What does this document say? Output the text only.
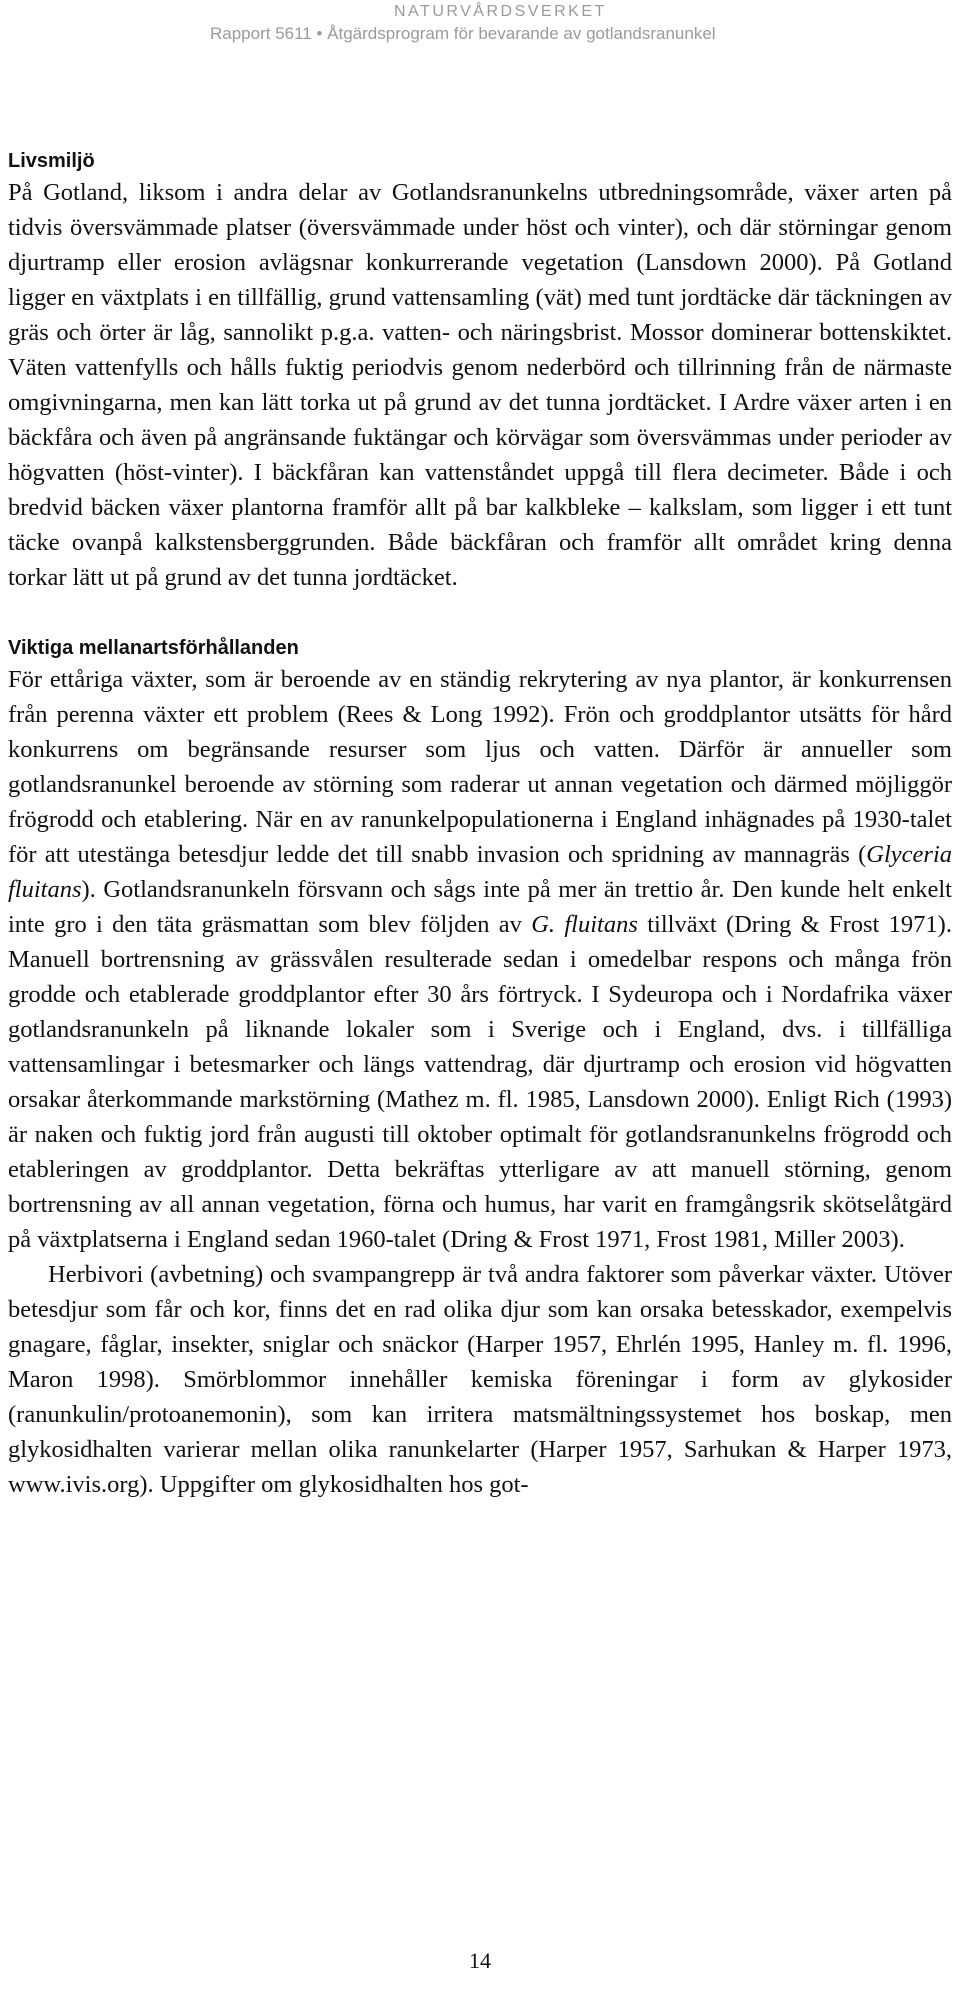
NATURVÅRDSVERKET
Rapport 5611 • Åtgärdsprogram för bevarande av gotlandsranunkel
Livsmiljö

På Gotland, liksom i andra delar av Gotlandsranunkelns utbredningsområde, växer arten på tidvis översvämmade platser (översvämmade under höst och vinter), och där störningar genom djurtramp eller erosion avlägsnar konkurrerande vegetation (Lansdown 2000). På Gotland ligger en växtplats i en tillfällig, grund vattensamling (vät) med tunt jordtäcke där täckningen av gräs och örter är låg, sannolikt p.g.a. vatten- och näringsbrist. Mossor dominerar bottenskiktet. Väten vattenfylls och hålls fuktig periodvis genom nederbörd och tillrinning från de närmaste omgivningarna, men kan lätt torka ut på grund av det tunna jordtäcket. I Ardre växer arten i en bäckfåra och även på angränsande fuktängar och körvägar som översvämmas under perioder av högvatten (höst-vinter). I bäckfåran kan vattenståndet uppgå till flera decimeter. Både i och bredvid bäcken växer plantorna framför allt på bar kalkbleke – kalkslam, som ligger i ett tunt täcke ovanpå kalkstensberggrunden. Både bäckfåran och framför allt området kring denna torkar lätt ut på grund av det tunna jordtäcket.

Viktiga mellanartsförhållanden

För ettåriga växter, som är beroende av en ständig rekrytering av nya plantor, är konkurrensen från perenna växter ett problem (Rees & Long 1992). Frön och groddplantor utsätts för hård konkurrens om begränsande resurser som ljus och vatten. Därför är annueller som gotlandsranunkel beroende av störning som raderar ut annan vegetation och därmed möjliggör frögrodd och etablering. När en av ranunkelpopulationerna i England inhägnades på 1930-talet för att utestänga betesdjur ledde det till snabb invasion och spridning av mannagräs (Glyceria fluitans). Gotlandsranunkeln försvann och sågs inte på mer än trettio år. Den kunde helt enkelt inte gro i den täta gräsmattan som blev följden av G. fluitans tillväxt (Dring & Frost 1971). Manuell bortrensning av grässvålen resulterade sedan i omedelbar respons och många frön grodde och etablerade groddplantor efter 30 års förtryck. I Sydeuropa och i Nordafrika växer gotlandsranunkeln på liknande lokaler som i Sverige och i England, dvs. i tillfälliga vattensamlingar i betesmarker och längs vattendrag, där djurtramp och erosion vid högvatten orsakar återkommande markstörning (Mathez m. fl. 1985, Lansdown 2000). Enligt Rich (1993) är naken och fuktig jord från augusti till oktober optimalt för gotlandsranunkelns frögrodd och etableringen av groddplantor. Detta bekräftas ytterligare av att manuell störning, genom bortrensning av all annan vegetation, förna och humus, har varit en framgångsrik skötselåtgärd på växtplatserna i England sedan 1960-talet (Dring & Frost 1971, Frost 1981, Miller 2003).

Herbivori (avbetning) och svampangrepp är två andra faktorer som påverkar växter. Utöver betesdjur som får och kor, finns det en rad olika djur som kan orsaka betesskador, exempelvis gnagare, fåglar, insekter, sniglar och snäckor (Harper 1957, Ehrlén 1995, Hanley m. fl. 1996, Maron 1998). Smörblommor innehåller kemiska föreningar i form av glykosider (ranunkulin/protoanemonin), som kan irritera matsmältningssystemet hos boskap, men glykosidhalten varierar mellan olika ranunkelarter (Harper 1957, Sarhukan & Harper 1973, www.ivis.org). Uppgifter om glykosidhalten hos got-

14
